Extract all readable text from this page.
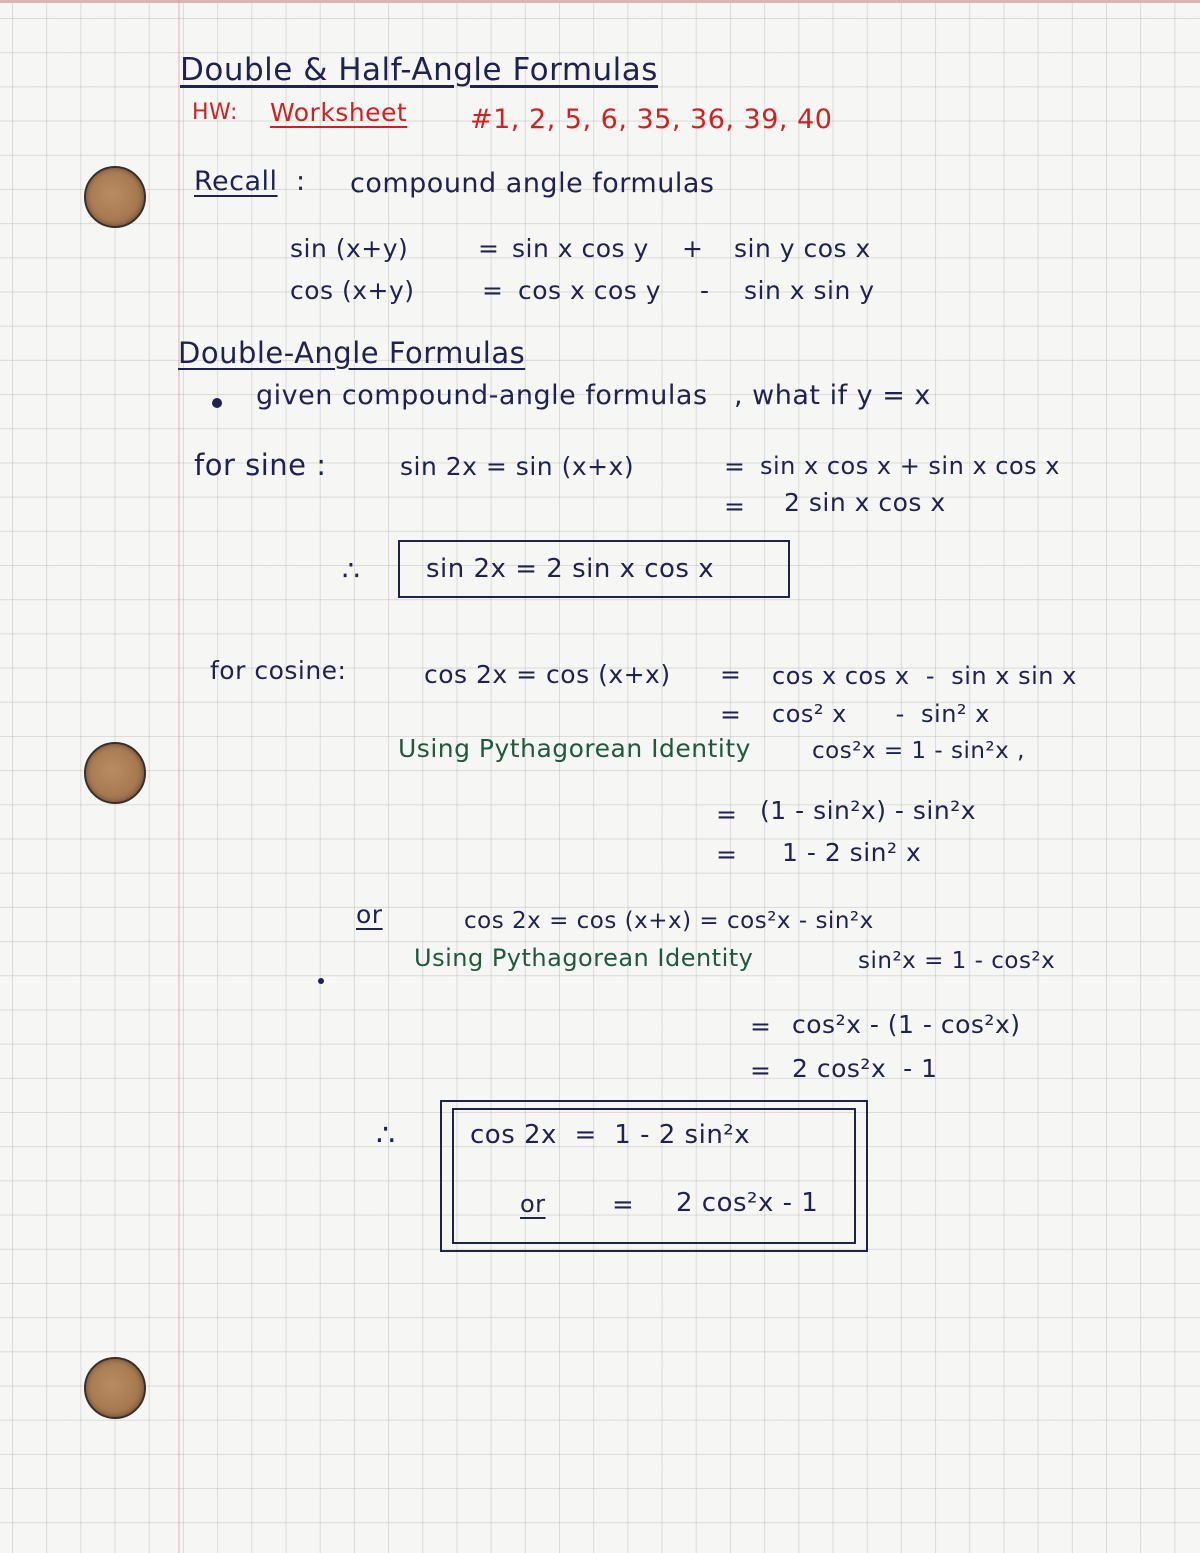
Double & Half-Angle Formulas
HW: Worksheet #1, 2, 5, 6, 35, 36, 39, 40
Recall : compound angle formulas
sin (x+y)	= sin x cos y + sin y cos x
cos (x+y)	= cos x cos y - sin x sin y
Double-Angle Formulas
given compound-angle formulas , what if y = x
for sine :	sin 2x = sin (x+x)	= sin x cos x + sin x cos x
= 2 sin x cos x
∴	sin 2x = 2 sin x cos x
for cosine:	cos 2x = cos (x+x) = cos x cos x  -  sin x sin x
= cos² x      -  sin² x
Using Pythagorean Identity	cos²x = 1 - sin²x ,
= (1 - sin²x) - sin²x
= 1 - 2 sin² x
or	cos 2x = cos (x+x) = cos²x - sin²x
Using Pythagorean Identity	sin²x = 1 - cos²x
= cos²x - (1 - cos²x)
= 2 cos²x  - 1
∴	cos 2x  =  1 - 2 sin²x
or	= 2 cos²x - 1
